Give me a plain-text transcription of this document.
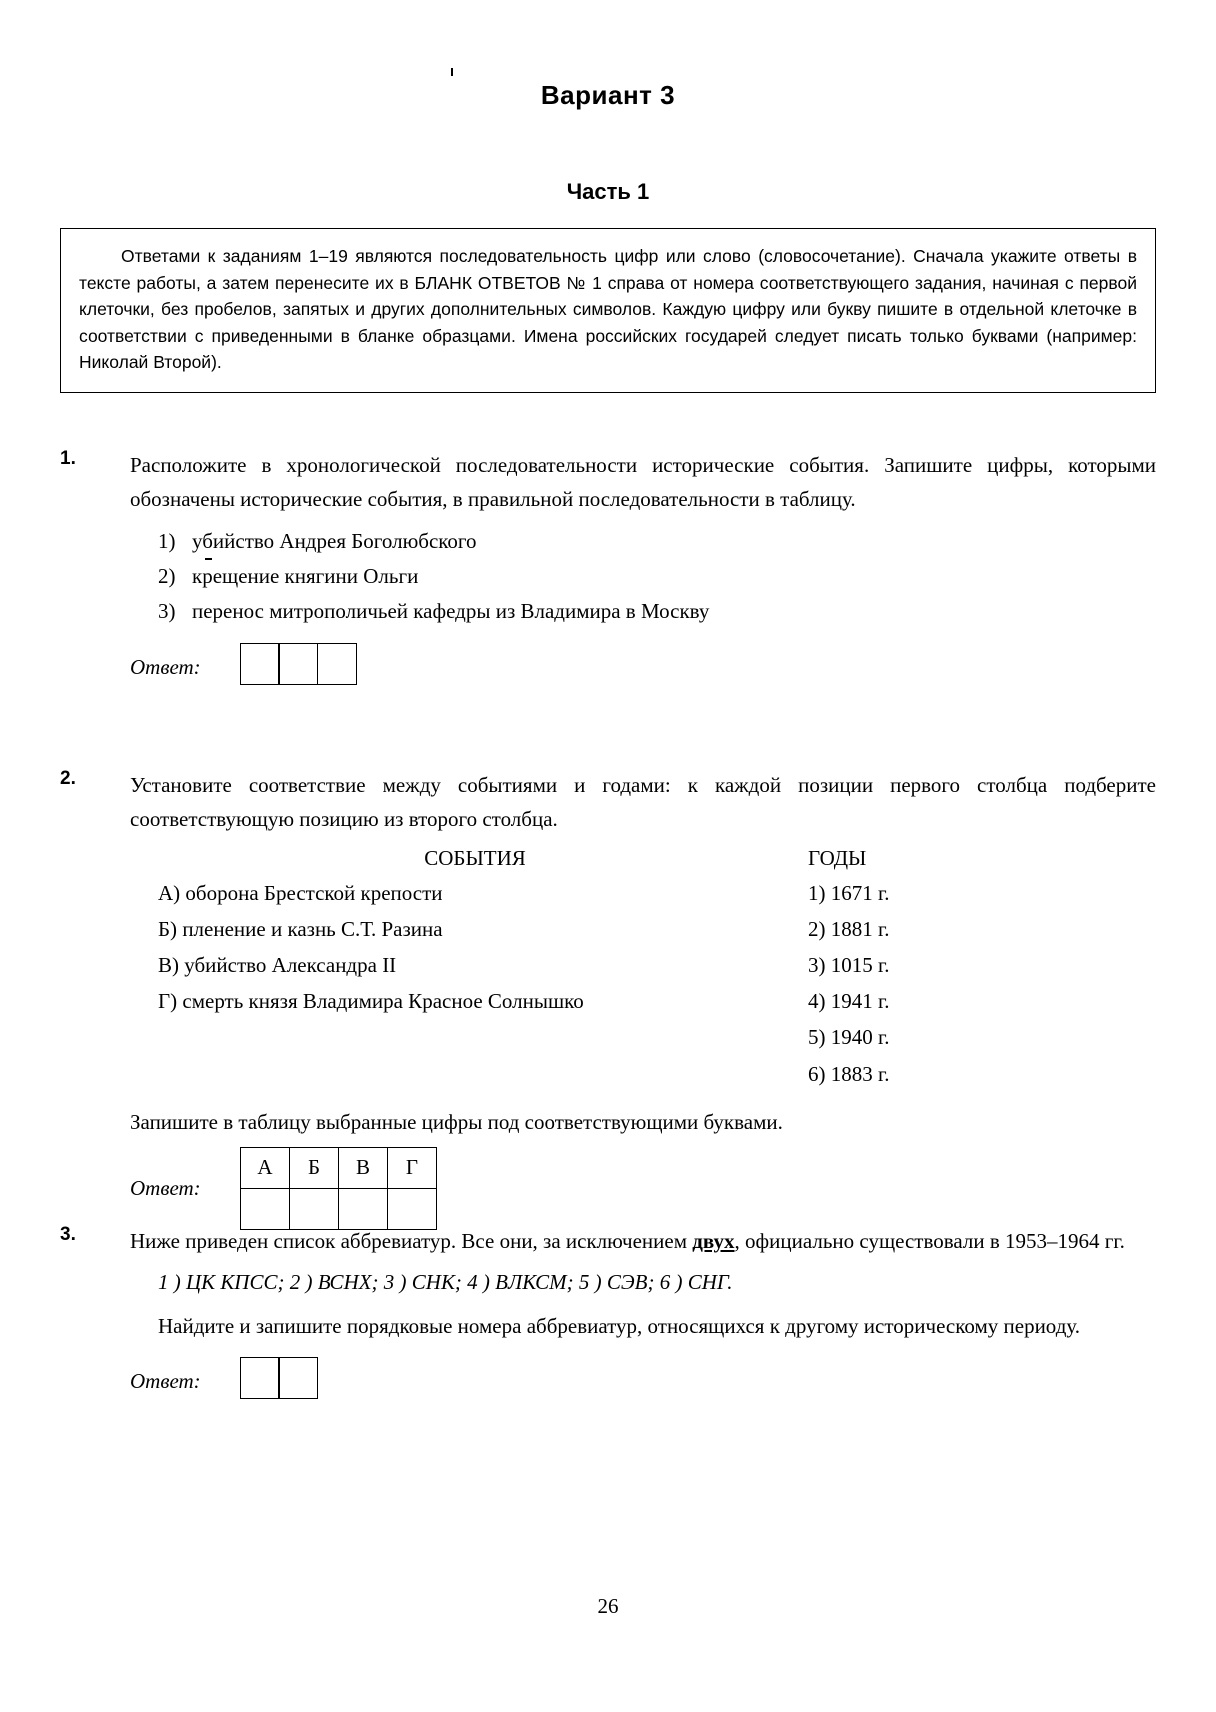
Вариант 3
Часть 1
Ответами к заданиям 1–19 являются последовательность цифр или слово (словосочетание). Сначала укажите ответы в тексте работы, а затем перенесите их в БЛАНК ОТВЕТОВ № 1 справа от номера соответствующего задания, начиная с первой клеточки, без пробелов, запятых и других дополнительных символов. Каждую цифру или букву пишите в отдельной клеточке в соответствии с приведенными в бланке образцами. Имена российских государей следует писать только буквами (например: Николай Второй).
1.	Расположите в хронологической последовательности исторические события. Запишите цифры, которыми обозначены исторические события, в правильной последовательности в таблицу.
1) убийство Андрея Боголюбского
2) крещение княгини Ольги
3) перенос митрополичьей кафедры из Владимира в Москву
Ответ:
2.	Установите соответствие между событиями и годами: к каждой позиции первого столбца подберите соответствующую позицию из второго столбца.
СОБЫТИЯ	ГОДЫ
А) оборона Брестской крепости	1) 1671 г.
Б) пленение и казнь С.Т. Разина	2) 1881 г.
В) убийство Александра II	3) 1015 г.
Г) смерть князя Владимира Красное Солнышко	4) 1941 г.

5) 1940 г.

6) 1883 г.
Запишите в таблицу выбранные цифры под соответствующими буквами.
Ответ:
А	Б	В	Г

3.	Ниже приведен список аббревиатур. Все они, за исключением двух, официально существовали в 1953–1964 гг.
1 ) ЦК КПСС; 2 ) ВСНХ; 3 ) СНК; 4 ) ВЛКСМ; 5 ) СЭВ; 6 ) СНГ.
Найдите и запишите порядковые номера аббревиатур, относящихся к другому историческому периоду.
Ответ:
26
